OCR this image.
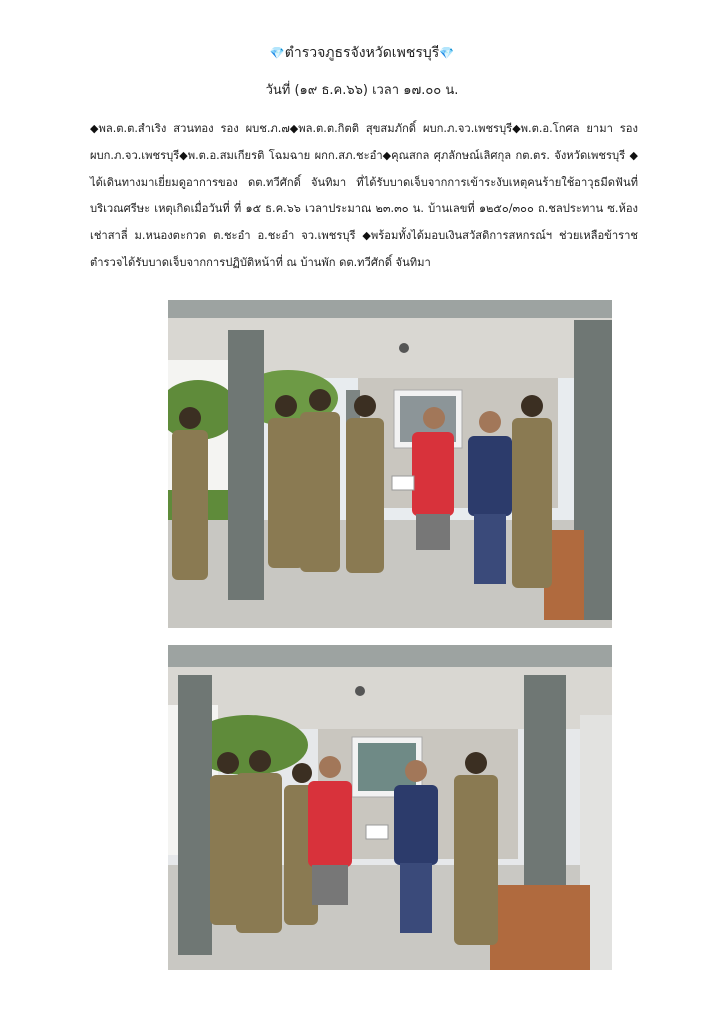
💎ตำรวจภูธรจังหวัดเพชรบุรี💎
วันที่ (๑๙ ธ.ค.๖๖) เวลา ๑๗.๐๐ น.
◆พล.ต.ต.สำเริง สวนทอง รอง ผบช.ภ.๗◆พล.ต.ต.กิตติ สุขสมภักดิ์ ผบก.ภ.จว.เพชรบุรี◆พ.ต.อ.โกศล ยามา รอง ผบก.ภ.จว.เพชรบุรี◆พ.ต.อ.สมเกียรติ โฉมฉาย ผกก.สภ.ชะอำ◆คุณสกล ศุภลักษณ์เลิศกุล กต.ตร. จังหวัดเพชรบุรี ◆ได้เดินทางมาเยี่ยมดูอาการของ ดต.ทวีศักดิ์ จันทิมา ที่ได้รับบาดเจ็บจากการเข้าระงับเหตุคนร้ายใช้อาวุธมีดฟันที่บริเวณศรีษะ เหตุเกิดเมื่อวันที่ ที่ ๑๕ ธ.ค.๖๖ เวลาประมาณ ๒๓.๓๐ น. บ้านเลขที่ ๑๒๕๐/๓๐๐ ถ.ชลประทาน ซ.ห้องเช่าสาลี่ ม.หนองตะกวด ต.ชะอำ อ.ชะอำ จว.เพชรบุรี ◆พร้อมทั้งได้มอบเงินสวัสดิการสหกรณ์ฯ ช่วยเหลือข้าราชตำรวจได้รับบาดเจ็บจากการปฏิบัติหน้าที่ ณ บ้านพัก ดต.ทวีศักดิ์ จันทิมา
